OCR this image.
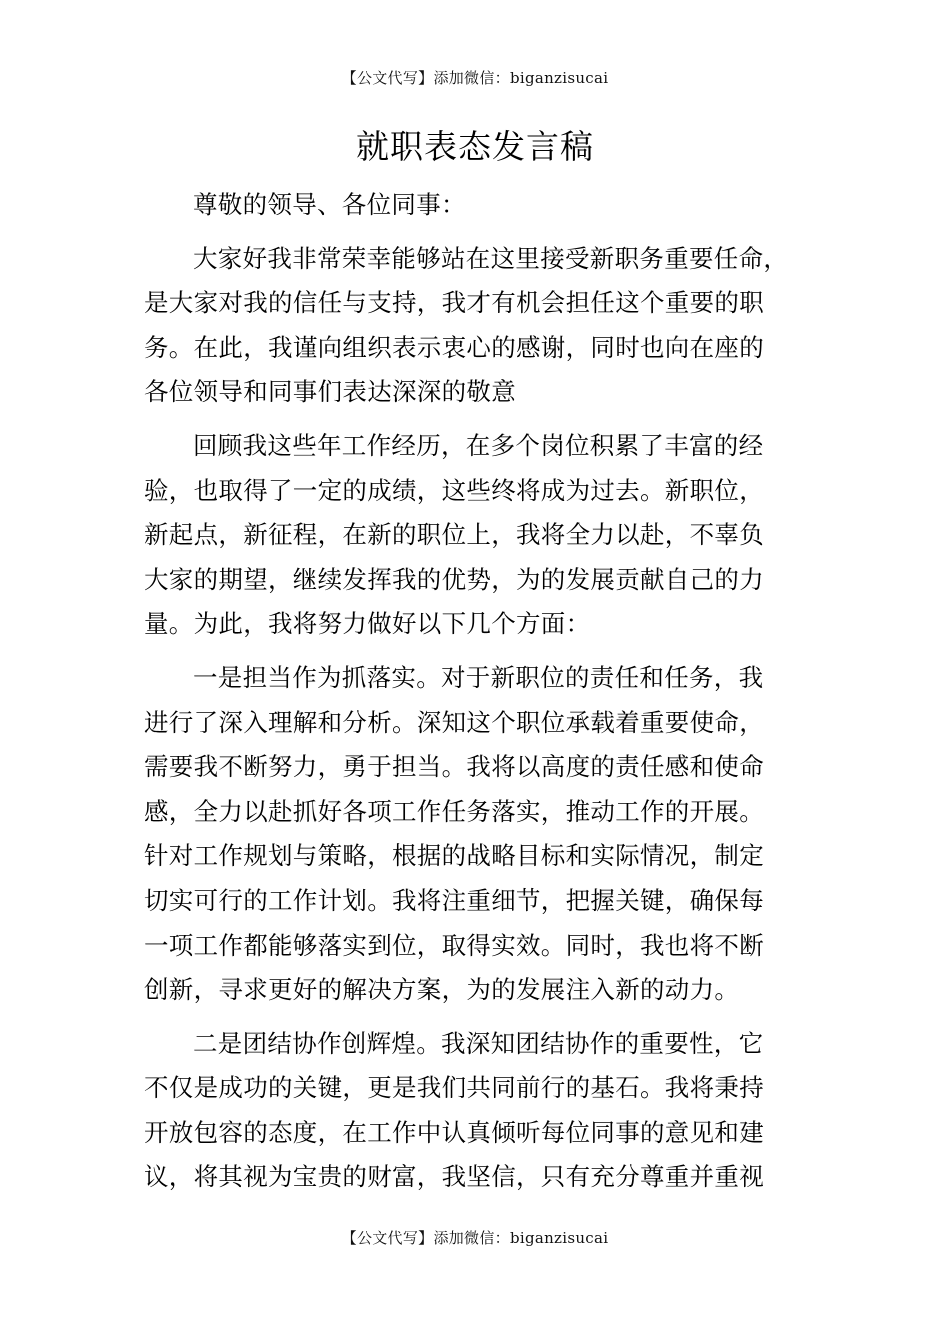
【公文代写】添加微信：biganzisucai
就职表态发言稿

尊敬的领导、各位同事：

大家好我非常荣幸能够站在这里接受新职务重要任命，
是大家对我的信任与支持，我才有机会担任这个重要的职
务。在此，我谨向组织表示衷心的感谢，同时也向在座的
各位领导和同事们表达深深的敬意

回顾我这些年工作经历，在多个岗位积累了丰富的经
验，也取得了一定的成绩，这些终将成为过去。新职位，
新起点，新征程，在新的职位上，我将全力以赴，不辜负
大家的期望，继续发挥我的优势，为的发展贡献自己的力
量。为此，我将努力做好以下几个方面：

一是担当作为抓落实。对于新职位的责任和任务，我
进行了深入理解和分析。深知这个职位承载着重要使命，
需要我不断努力，勇于担当。我将以高度的责任感和使命
感，全力以赴抓好各项工作任务落实，推动工作的开展。
针对工作规划与策略，根据的战略目标和实际情况，制定
切实可行的工作计划。我将注重细节，把握关键，确保每
一项工作都能够落实到位，取得实效。同时，我也将不断
创新，寻求更好的解决方案，为的发展注入新的动力。

二是团结协作创辉煌。我深知团结协作的重要性，它
不仅是成功的关键，更是我们共同前行的基石。我将秉持
开放包容的态度，在工作中认真倾听每位同事的意见和建
议，将其视为宝贵的财富，我坚信，只有充分尊重并重视

【公文代写】添加微信：biganzisucai
